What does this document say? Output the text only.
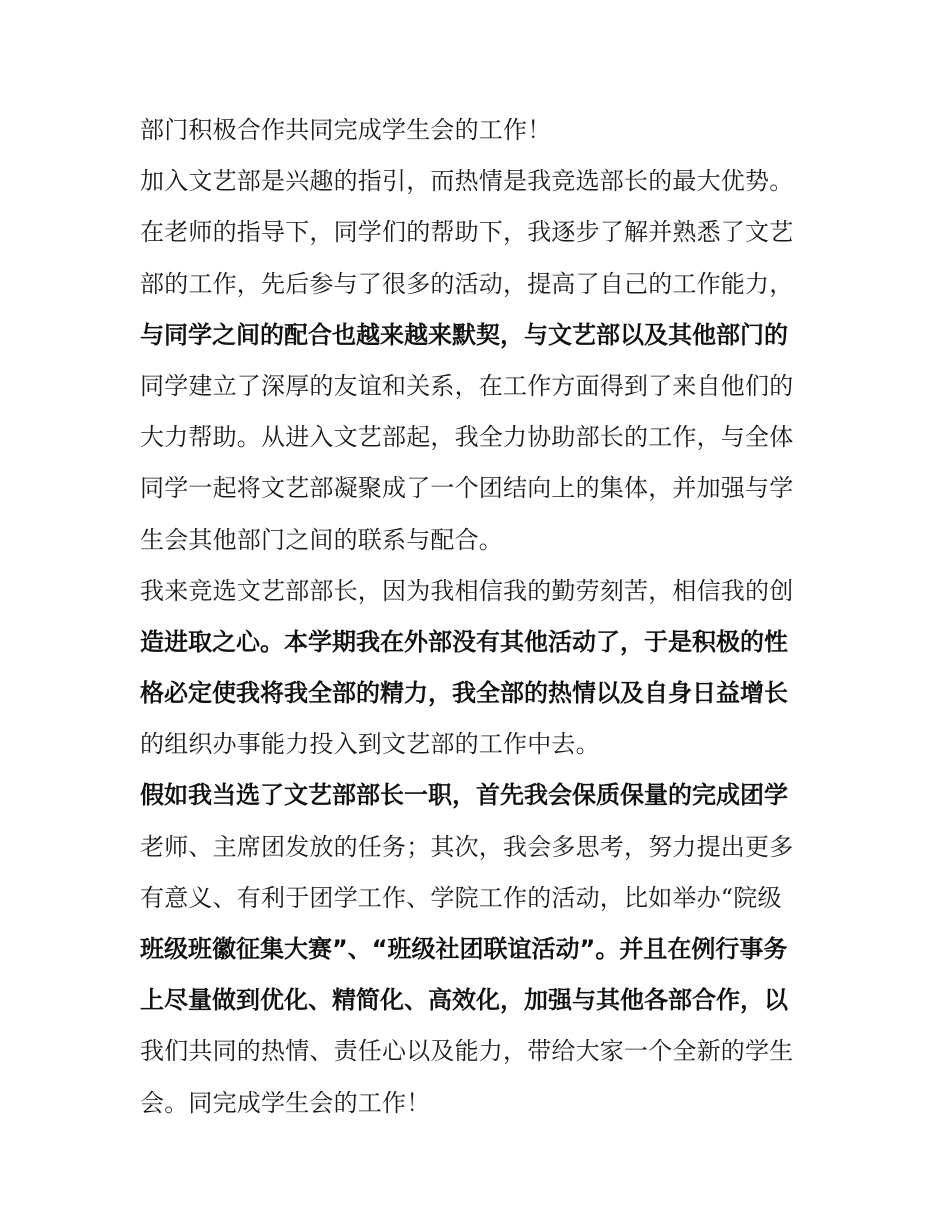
部门积极合作共同完成学生会的工作！
加入文艺部是兴趣的指引，而热情是我竞选部长的最大优势。
在老师的指导下，同学们的帮助下，我逐步了解并熟悉了文艺
部的工作，先后参与了很多的活动，提高了自己的工作能力，
与同学之间的配合也越来越来默契，与文艺部以及其他部门的
同学建立了深厚的友谊和关系，在工作方面得到了来自他们的
大力帮助。从进入文艺部起，我全力协助部长的工作，与全体
同学一起将文艺部凝聚成了一个团结向上的集体，并加强与学
生会其他部门之间的联系与配合。
我来竞选文艺部部长，因为我相信我的勤劳刻苦，相信我的创
造进取之心。本学期我在外部没有其他活动了，于是积极的性
格必定使我将我全部的精力，我全部的热情以及自身日益增长
的组织办事能力投入到文艺部的工作中去。
假如我当选了文艺部部长一职，首先我会保质保量的完成团学
老师、主席团发放的任务；其次，我会多思考，努力提出更多
有意义、有利于团学工作、学院工作的活动，比如举办“院级
班级班徽征集大赛”、“班级社团联谊活动”。并且在例行事务
上尽量做到优化、精简化、高效化，加强与其他各部合作，以
我们共同的热情、责任心以及能力，带给大家一个全新的学生
会。同完成学生会的工作！
